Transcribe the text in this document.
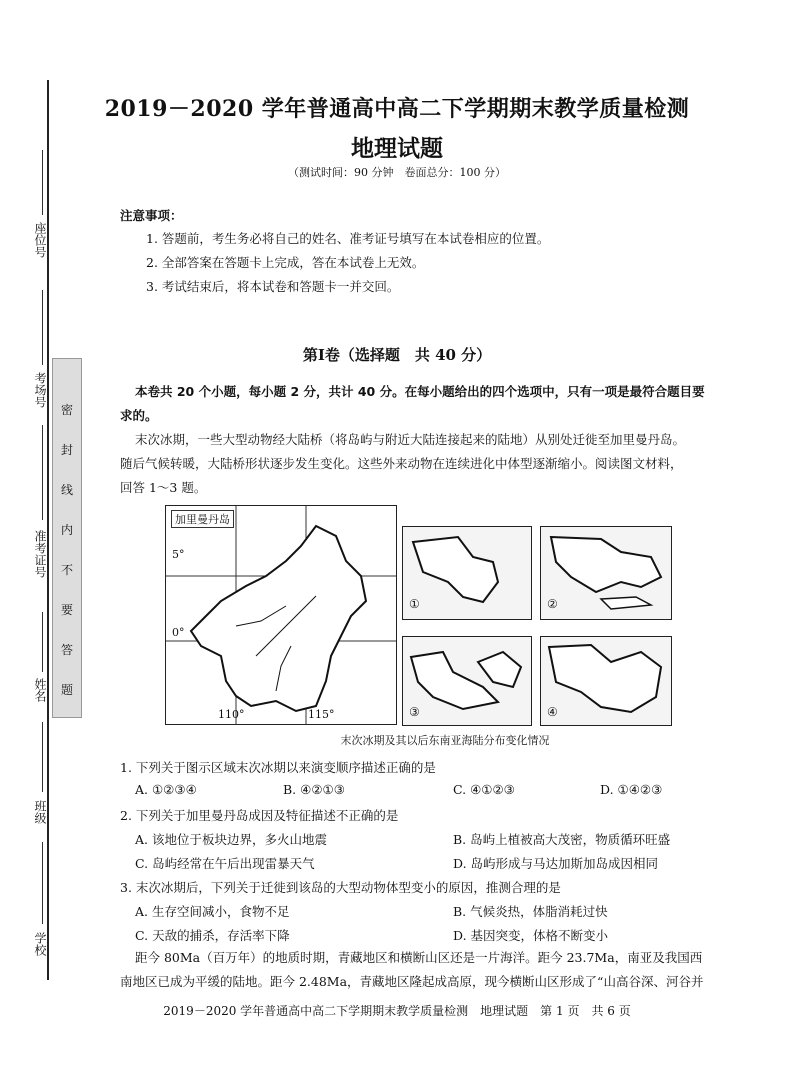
座位号
考场号
准考证号
姓名
班级
学校
密
封
线
内
不
要
答
题
2019－2020 学年普通高中高二下学期期末教学质量检测
地理试题
（测试时间：90 分钟　卷面总分：100 分）
注意事项：
1. 答题前，考生务必将自己的姓名、准考证号填写在本试卷相应的位置。
2. 全部答案在答题卡上完成，答在本试卷上无效。
3. 考试结束后，将本试卷和答题卡一并交回。
第Ⅰ卷（选择题　共 40 分）
本卷共 20 个小题，每小题 2 分，共计 40 分。在每小题给出的四个选项中，只有一项是最符合题目要
求的。
末次冰期，一些大型动物经大陆桥（将岛屿与附近大陆连接起来的陆地）从别处迁徙至加里曼丹岛。
随后气候转暖，大陆桥形状逐步发生变化。这些外来动物在连续进化中体型逐渐缩小。阅读图文材料，
回答 1～3 题。
加里曼丹岛
5°
0°
110°	115°
①	②
③	④
末次冰期及其以后东南亚海陆分布变化情况
1. 下列关于图示区域末次冰期以来演变顺序描述正确的是
A. ①②③④	B. ④②①③	C. ④①②③	D. ①④②③
2. 下列关于加里曼丹岛成因及特征描述不正确的是
A. 该地位于板块边界，多火山地震	B. 岛屿上植被高大茂密，物质循环旺盛
C. 岛屿经常在午后出现雷暴天气	D. 岛屿形成与马达加斯加岛成因相同
3. 末次冰期后，下列关于迁徙到该岛的大型动物体型变小的原因，推测合理的是
A. 生存空间减小，食物不足	B. 气候炎热，体脂消耗过快
C. 天敌的捕杀，存活率下降	D. 基因突变，体格不断变小
距今 80Ma（百万年）的地质时期，青藏地区和横断山区还是一片海洋。距今 23.7Ma，南亚及我国西
南地区已成为平缓的陆地。距今 2.48Ma，青藏地区隆起成高原，现今横断山区形成了“山高谷深、河谷并
2019－2020 学年普通高中高二下学期期末教学质量检测　地理试题　第 1 页　共 6 页
